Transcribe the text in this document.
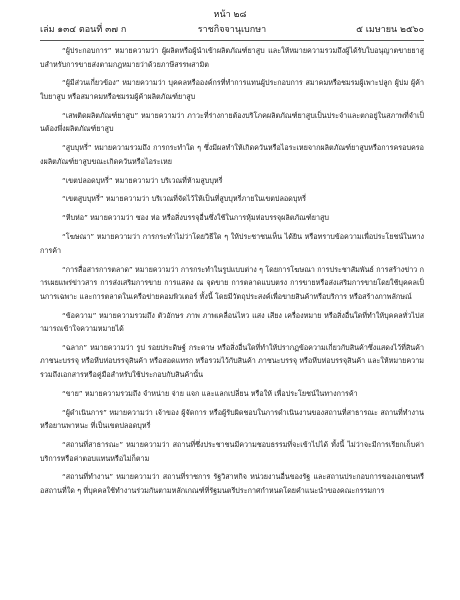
หน้า ๒๘
เล่ม ๑๓๔ ตอนที่ ๓๗ ก	ราชกิจจานุเบกษา	๕ เมษายน ๒๕๖๐

“ผู้ประกอบการ” หมายความว่า ผู้ผลิตหรือผู้นำเข้าผลิตภัณฑ์ยาสูบ และให้หมายความรวมถึงผู้ได้รับใบอนุญาตขายยาสูบสำหรับการขายส่งตามกฎหมายว่าด้วยภาษีสรรพสามิต

“ผู้มีส่วนเกี่ยวข้อง” หมายความว่า บุคคลหรือองค์กรที่ทำการแทนผู้ประกอบการ สมาคมหรือชมรมผู้เพาะปลูก ผู้บ่ม ผู้ค้าใบยาสูบ หรือสมาคมหรือชมรมผู้ค้าผลิตภัณฑ์ยาสูบ

“เสพติดผลิตภัณฑ์ยาสูบ” หมายความว่า ภาวะที่ร่างกายต้องบริโภคผลิตภัณฑ์ยาสูบเป็นประจำและตกอยู่ในสภาพที่จำเป็นต้องพึ่งผลิตภัณฑ์ยาสูบ

“สูบบุหรี่” หมายความรวมถึง การกระทำใด ๆ ซึ่งมีผลทำให้เกิดควันหรือไอระเหยจากผลิตภัณฑ์ยาสูบหรือการครอบครองผลิตภัณฑ์ยาสูบขณะเกิดควันหรือไอระเหย

“เขตปลอดบุหรี่” หมายความว่า บริเวณที่ห้ามสูบบุหรี่

“เขตสูบบุหรี่” หมายความว่า บริเวณที่จัดไว้ให้เป็นที่สูบบุหรี่ภายในเขตปลอดบุหรี่

“หีบห่อ” หมายความว่า ซอง ห่อ หรือสิ่งบรรจุอื่นซึ่งใช้ในการหุ้มห่อบรรจุผลิตภัณฑ์ยาสูบ

“โฆษณา” หมายความว่า การกระทำไม่ว่าโดยวิธีใด ๆ ให้ประชาชนเห็น ได้ยิน หรือทราบข้อความเพื่อประโยชน์ในทางการค้า

“การสื่อสารการตลาด” หมายความว่า การกระทำในรูปแบบต่าง ๆ โดยการโฆษณา การประชาสัมพันธ์ การสร้างข่าว การเผยแพร่ข่าวสาร การส่งเสริมการขาย การแสดง ณ จุดขาย การตลาดแบบตรง การขายหรือส่งเสริมการขายโดยใช้บุคคลเป็นการเฉพาะ และการตลาดในเครือข่ายคอมพิวเตอร์ ทั้งนี้ โดยมีวัตถุประสงค์เพื่อขายสินค้าหรือบริการ หรือสร้างภาพลักษณ์

“ข้อความ” หมายความรวมถึง ตัวอักษร ภาพ ภาพเคลื่อนไหว แสง เสียง เครื่องหมาย หรือสิ่งอื่นใดที่ทำให้บุคคลทั่วไปสามารถเข้าใจความหมายได้

“ฉลาก” หมายความว่า รูป รอยประดิษฐ์ กระดาษ หรือสิ่งอื่นใดที่ทำให้ปรากฏข้อความเกี่ยวกับสินค้าซึ่งแสดงไว้ที่สินค้า ภาชนะบรรจุ หรือหีบห่อบรรจุสินค้า หรือสอดแทรก หรือรวมไว้กับสินค้า ภาชนะบรรจุ หรือหีบห่อบรรจุสินค้า และให้หมายความรวมถึงเอกสารหรือคู่มือสำหรับใช้ประกอบกับสินค้านั้น

“ขาย” หมายความรวมถึง จำหน่าย จ่าย แจก และแลกเปลี่ยน หรือให้ เพื่อประโยชน์ในทางการค้า

“ผู้ดำเนินการ” หมายความว่า เจ้าของ ผู้จัดการ หรือผู้รับผิดชอบในการดำเนินงานของสถานที่สาธารณะ สถานที่ทำงาน หรือยานพาหนะ ที่เป็นเขตปลอดบุหรี่

“สถานที่สาธารณะ” หมายความว่า สถานที่ซึ่งประชาชนมีความชอบธรรมที่จะเข้าไปได้ ทั้งนี้ ไม่ว่าจะมีการเรียกเก็บค่าบริการหรือค่าตอบแทนหรือไม่ก็ตาม

“สถานที่ทำงาน” หมายความว่า สถานที่ราชการ รัฐวิสาหกิจ หน่วยงานอื่นของรัฐ และสถานประกอบการของเอกชนหรือสถานที่ใด ๆ ที่บุคคลใช้ทำงานร่วมกันตามหลักเกณฑ์ที่รัฐมนตรีประกาศกำหนดโดยคำแนะนำของคณะกรรมการ
